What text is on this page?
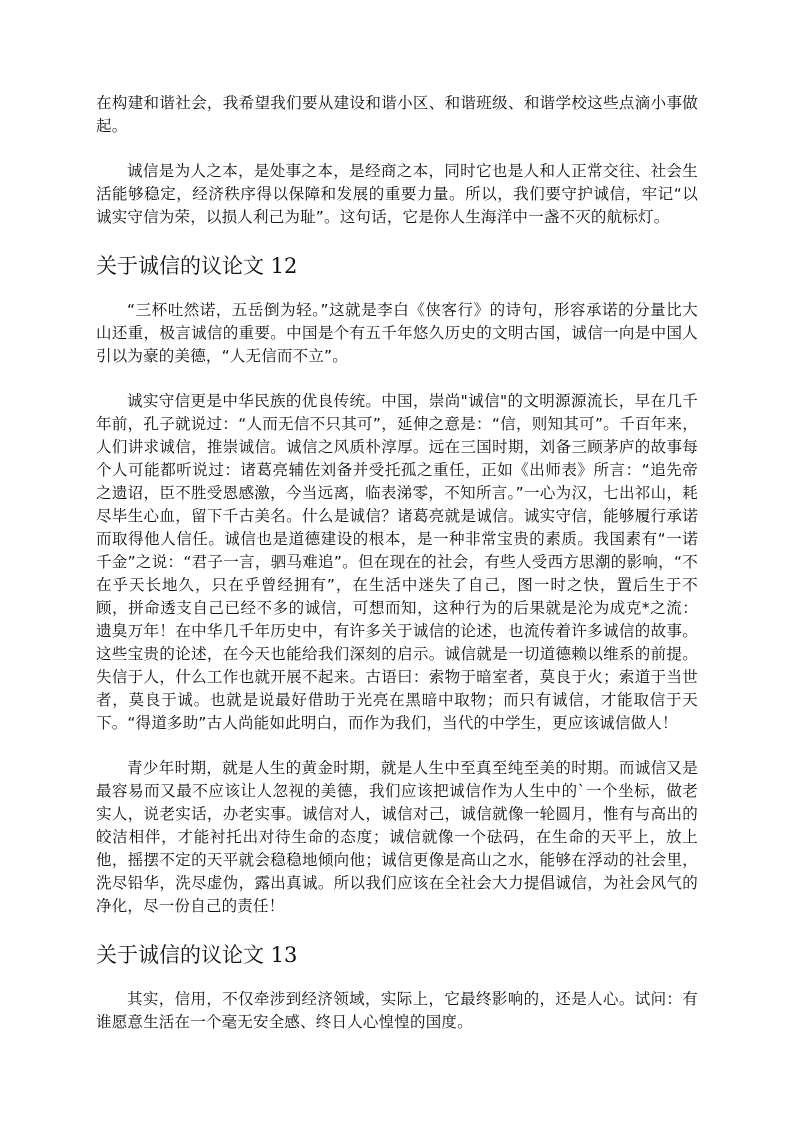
在构建和谐社会，我希望我们要从建设和谐小区、和谐班级、和谐学校这些点滴小事做起。

诚信是为人之本，是处事之本，是经商之本，同时它也是人和人正常交往、社会生活能够稳定，经济秩序得以保障和发展的重要力量。所以，我们要守护诚信，牢记“以诚实守信为荣，以损人利己为耻”。这句话，它是你人生海洋中一盏不灭的航标灯。

关于诚信的议论文 12

“三杯吐然诺，五岳倒为轻。”这就是李白《侠客行》的诗句，形容承诺的分量比大山还重，极言诚信的重要。中国是个有五千年悠久历史的文明古国，诚信一向是中国人引以为豪的美德，“人无信而不立”。

诚实守信更是中华民族的优良传统。中国，崇尚"诚信"的文明源源流长，早在几千年前，孔子就说过：“人而无信不只其可”，延伸之意是：“信，则知其可”。千百年来，人们讲求诚信，推崇诚信。诚信之风质朴淳厚。远在三国时期，刘备三顾茅庐的故事每个人可能都听说过：诸葛亮辅佐刘备并受托孤之重任，正如《出师表》所言：“追先帝之遗诏，臣不胜受恩感激，今当远离，临表涕零，不知所言。”一心为汉，七出祁山，耗尽毕生心血，留下千古美名。什么是诚信？诸葛亮就是诚信。诚实守信，能够履行承诺而取得他人信任。诚信也是道德建设的根本，是一种非常宝贵的素质。我国素有“一诺千金”之说：“君子一言，驷马难追”。但在现在的社会，有些人受西方思潮的影响，“不在乎天长地久，只在乎曾经拥有”，在生活中迷失了自己，图一时之快，置后生于不顾，拼命透支自己已经不多的诚信，可想而知，这种行为的后果就是沦为成克*之流：遗臭万年！在中华几千年历史中，有许多关于诚信的论述，也流传着许多诚信的故事。这些宝贵的论述，在今天也能给我们深刻的启示。诚信就是一切道德赖以维系的前提。失信于人，什么工作也就开展不起来。古语曰：索物于暗室者，莫良于火；索道于当世者，莫良于诚。也就是说最好借助于光亮在黑暗中取物；而只有诚信，才能取信于天下。“得道多助”古人尚能如此明白，而作为我们，当代的中学生，更应该诚信做人！

青少年时期，就是人生的黄金时期，就是人生中至真至纯至美的时期。而诚信又是最容易而又最不应该让人忽视的美德，我们应该把诚信作为人生中的`一个坐标，做老实人，说老实话，办老实事。诚信对人，诚信对己，诚信就像一轮圆月，惟有与高出的皎洁相伴，才能衬托出对待生命的态度；诚信就像一个砝码，在生命的天平上，放上他，摇摆不定的天平就会稳稳地倾向他；诚信更像是高山之水，能够在浮动的社会里，洗尽铅华，洗尽虚伪，露出真诚。所以我们应该在全社会大力提倡诚信，为社会风气的净化，尽一份自己的责任！

关于诚信的议论文 13

其实，信用，不仅牵涉到经济领域，实际上，它最终影响的，还是人心。试问：有谁愿意生活在一个毫无安全感、终日人心惶惶的国度。
